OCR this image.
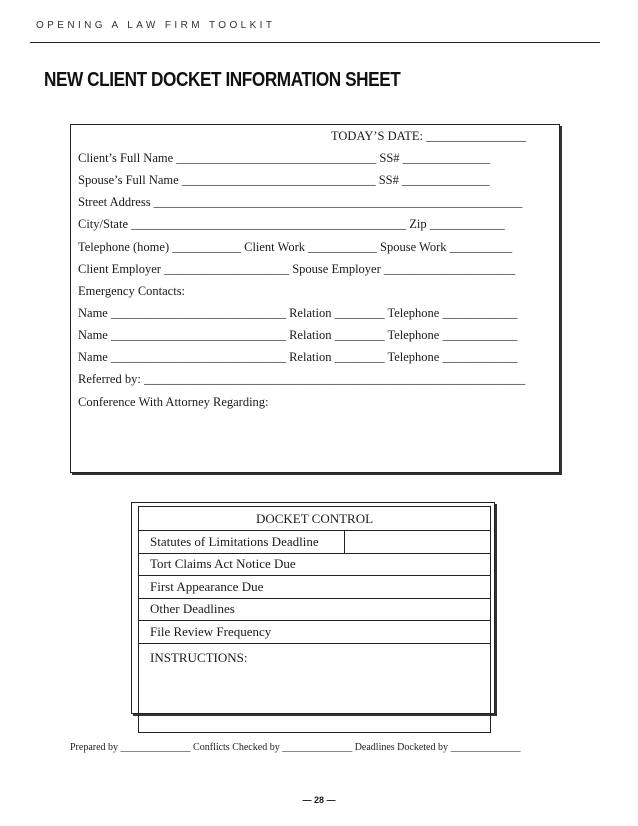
OPENING A LAW FIRM TOOLKIT
NEW CLIENT DOCKET INFORMATION SHEET
TODAY’S DATE: ________________
Client’s Full Name ________________________________ SS# ______________
Spouse’s Full Name _______________________________ SS# ______________
Street Address ___________________________________________________________
City/State ____________________________________________ Zip ____________
Telephone (home) ___________ Client Work ___________ Spouse Work __________
Client Employer ____________________ Spouse Employer _____________________
Emergency Contacts:
Name ____________________________ Relation ________ Telephone ____________
Name ____________________________ Relation ________ Telephone ____________
Name ____________________________ Relation ________ Telephone ____________
Referred by: _____________________________________________________________
Conference With Attorney Regarding:
DOCKET CONTROL
Statutes of Limitations Deadline	
Tort Claims Act Notice Due
First Appearance Due
Other Deadlines
File Review Frequency
INSTRUCTIONS:
Prepared by ______________ Conflicts Checked by ______________ Deadlines Docketed by ______________
— 28 —
